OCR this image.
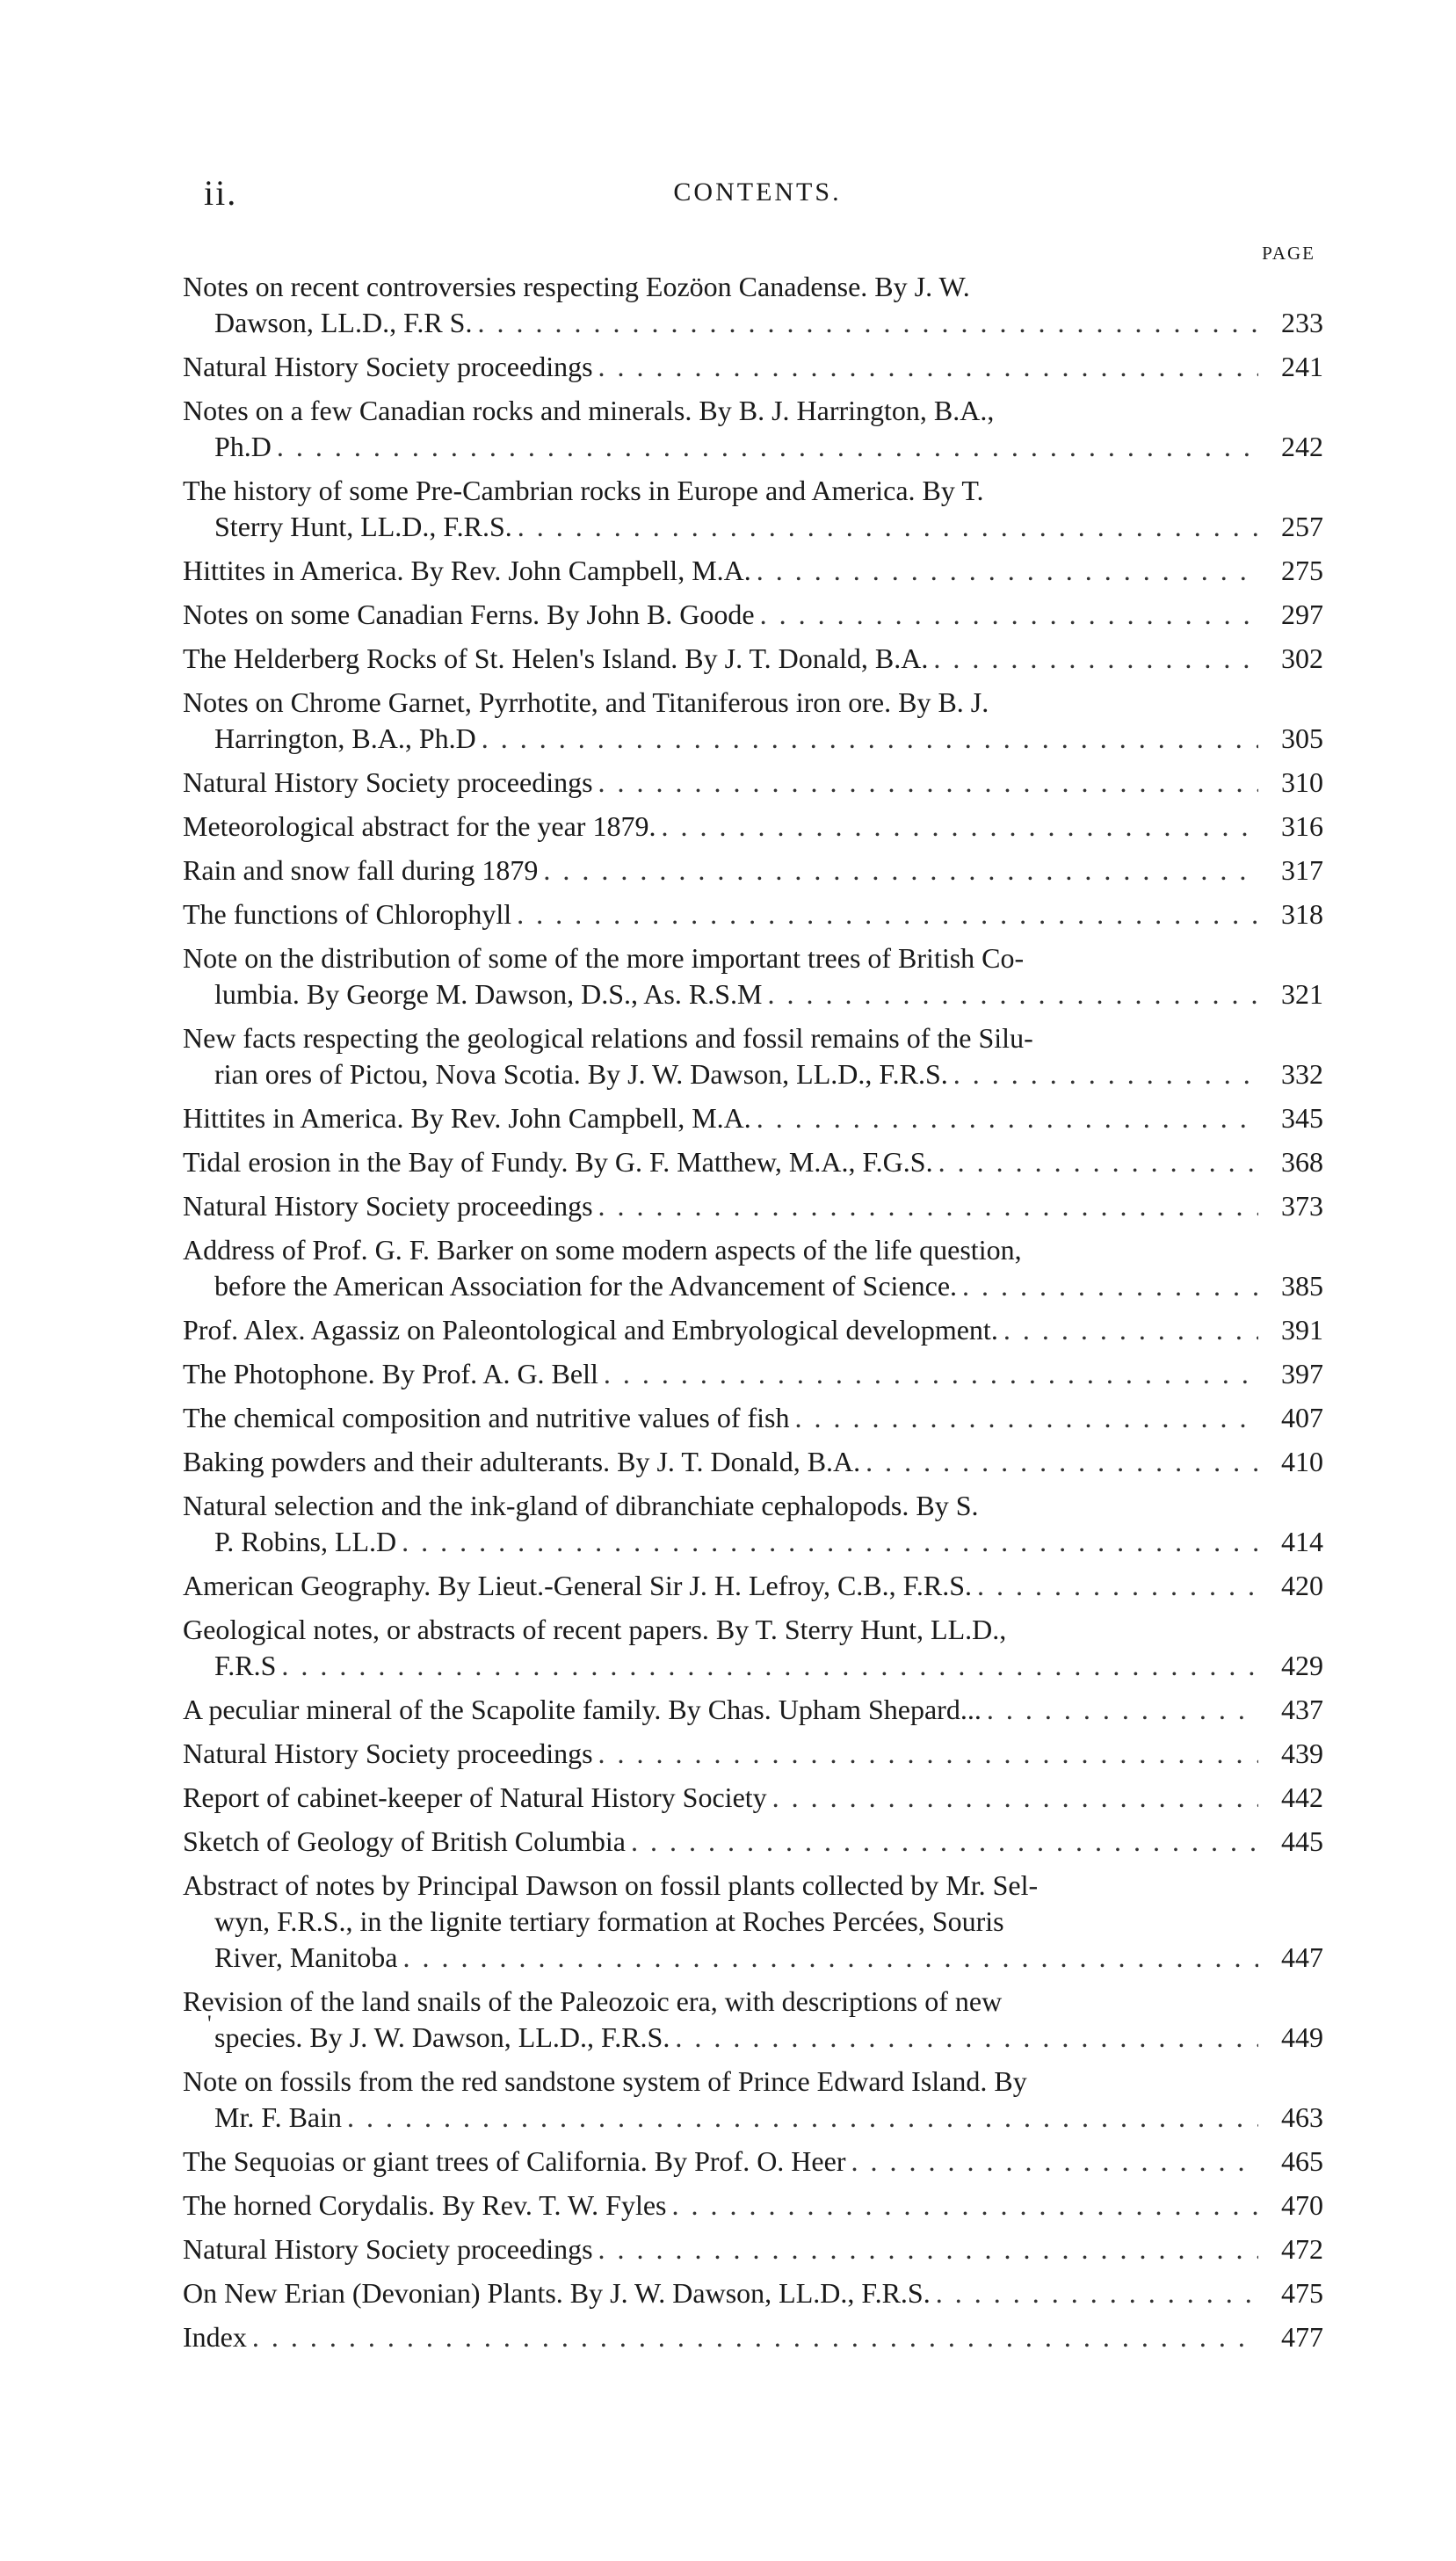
ii.	CONTENTS.
PAGE
Notes on recent controversies respecting Eozöon Canadense. By J. W.
Dawson, LL.D., F.R S. . . .	233
Natural History Society proceedings . . .	241
Notes on a few Canadian rocks and minerals. By B. J. Harrington, B.A.,
Ph.D . . .	242
The history of some Pre-Cambrian rocks in Europe and America. By T.
Sterry Hunt, LL.D., F.R.S. . . .	257
Hittites in America. By Rev. John Campbell, M.A. . . .	275
Notes on some Canadian Ferns. By John B. Goode . . .	297
The Helderberg Rocks of St. Helen's Island. By J. T. Donald, B.A. . . .	302
Notes on Chrome Garnet, Pyrrhotite, and Titaniferous iron ore. By B. J.
Harrington, B.A., Ph.D . . .	305
Natural History Society proceedings . . .	310
Meteorological abstract for the year 1879. . . .	316
Rain and snow fall during 1879 . . .	317
The functions of Chlorophyll . . .	318
Note on the distribution of some of the more important trees of British Co-
lumbia. By George M. Dawson, D.S., As. R.S.M . . .	321
New facts respecting the geological relations and fossil remains of the Silu-
rian ores of Pictou, Nova Scotia. By J. W. Dawson, LL.D., F.R.S. . . .	332
Hittites in America. By Rev. John Campbell, M.A. . . .	345
Tidal erosion in the Bay of Fundy. By G. F. Matthew, M.A., F.G.S. . . .	368
Natural History Society proceedings . . .	373
Address of Prof. G. F. Barker on some modern aspects of the life question,
before the American Association for the Advancement of Science. . . .	385
Prof. Alex. Agassiz on Paleontological and Embryological development. . . .	391
The Photophone. By Prof. A. G. Bell . . .	397
The chemical composition and nutritive values of fish . . .	407
Baking powders and their adulterants. By J. T. Donald, B.A. . . .	410
Natural selection and the ink-gland of dibranchiate cephalopods. By S.
P. Robins, LL.D . . .	414
American Geography. By Lieut.-General Sir J. H. Lefroy, C.B., F.R.S. . . .	420
Geological notes, or abstracts of recent papers. By T. Sterry Hunt, LL.D.,
F.R.S . . .	429
A peculiar mineral of the Scapolite family. By Chas. Upham Shepard... . . .	437
Natural History Society proceedings . . .	439
Report of cabinet-keeper of Natural History Society . . .	442
Sketch of Geology of British Columbia . . .	445
Abstract of notes by Principal Dawson on fossil plants collected by Mr. Sel-
wyn, F.R.S., in the lignite tertiary formation at Roches Percées, Souris
River, Manitoba . . .	447
Revision of the land snails of the Paleozoic era, with descriptions of new
species. By J. W. Dawson, LL.D., F.R.S. . . .	449
Note on fossils from the red sandstone system of Prince Edward Island. By
Mr. F. Bain . . .	463
The Sequoias or giant trees of California. By Prof. O. Heer . . .	465
The horned Corydalis. By Rev. T. W. Fyles . . .	470
Natural History Society proceedings . . .	472
On New Erian (Devonian) Plants. By J. W. Dawson, LL.D., F.R.S. . . .	475
Index . . .	477
'
